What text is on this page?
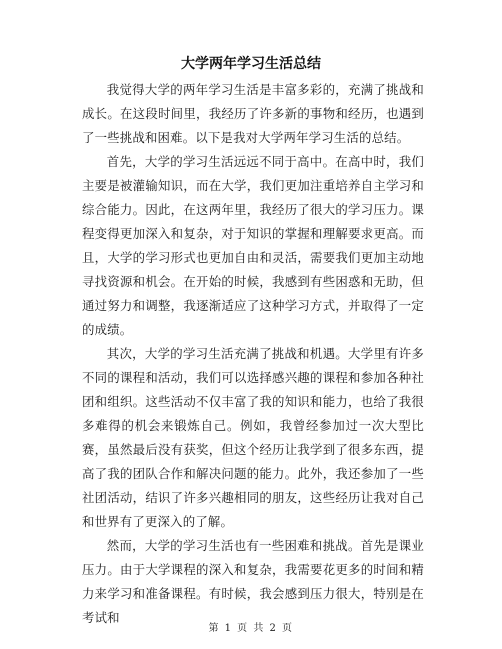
大学两年学习生活总结

我觉得大学的两年学习生活是丰富多彩的，充满了挑战和成长。在这段时间里，我经历了许多新的事物和经历，也遇到了一些挑战和困难。以下是我对大学两年学习生活的总结。

首先，大学的学习生活远远不同于高中。在高中时，我们主要是被灌输知识，而在大学，我们更加注重培养自主学习和综合能力。因此，在这两年里，我经历了很大的学习压力。课程变得更加深入和复杂，对于知识的掌握和理解要求更高。而且，大学的学习形式也更加自由和灵活，需要我们更加主动地寻找资源和机会。在开始的时候，我感到有些困惑和无助，但通过努力和调整，我逐渐适应了这种学习方式，并取得了一定的成绩。

其次，大学的学习生活充满了挑战和机遇。大学里有许多不同的课程和活动，我们可以选择感兴趣的课程和参加各种社团和组织。这些活动不仅丰富了我的知识和能力，也给了我很多难得的机会来锻炼自己。例如，我曾经参加过一次大型比赛，虽然最后没有获奖，但这个经历让我学到了很多东西，提高了我的团队合作和解决问题的能力。此外，我还参加了一些社团活动，结识了许多兴趣相同的朋友，这些经历让我对自己和世界有了更深入的了解。

然而，大学的学习生活也有一些困难和挑战。首先是课业压力。由于大学课程的深入和复杂，我需要花更多的时间和精力来学习和准备课程。有时候，我会感到压力很大，特别是在考试和

第 1 页 共 2 页
